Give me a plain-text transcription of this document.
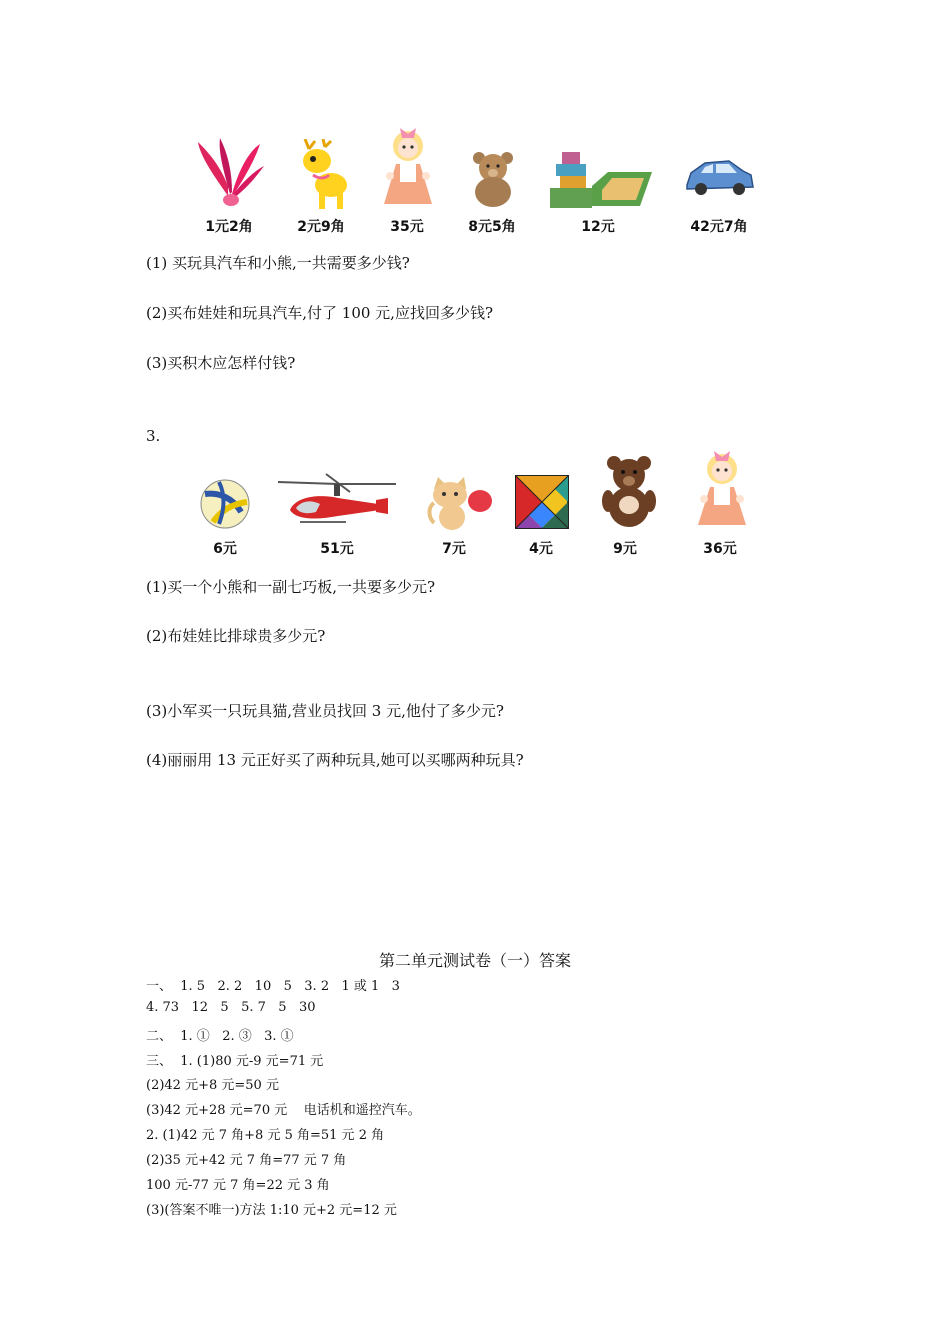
1元2角	2元9角	35元	8元5角	12元	42元7角
(1) 买玩具汽车和小熊,一共需要多少钱?
(2)买布娃娃和玩具汽车,付了 100 元,应找回多少钱?
(3)买积木应怎样付钱?
3.
6元	51元	7元	4元	9元	36元
(1)买一个小熊和一副七巧板,一共要多少元?
(2)布娃娃比排球贵多少元?
(3)小军买一只玩具猫,营业员找回 3 元,他付了多少元?
(4)丽丽用 13 元正好买了两种玩具,她可以买哪两种玩具?
第二单元测试卷（一）答案
一、  1. 5   2. 2   10   5   3. 2   1 或 1   3
4. 73   12   5   5. 7   5   30
二、  1. ①   2. ③   3. ①
三、  1. (1)80 元-9 元=71 元
(2)42 元+8 元=50 元
(3)42 元+28 元=70 元    电话机和遥控汽车。
2. (1)42 元 7 角+8 元 5 角=51 元 2 角
(2)35 元+42 元 7 角=77 元 7 角
100 元-77 元 7 角=22 元 3 角
(3)(答案不唯一)方法 1:10 元+2 元=12 元
